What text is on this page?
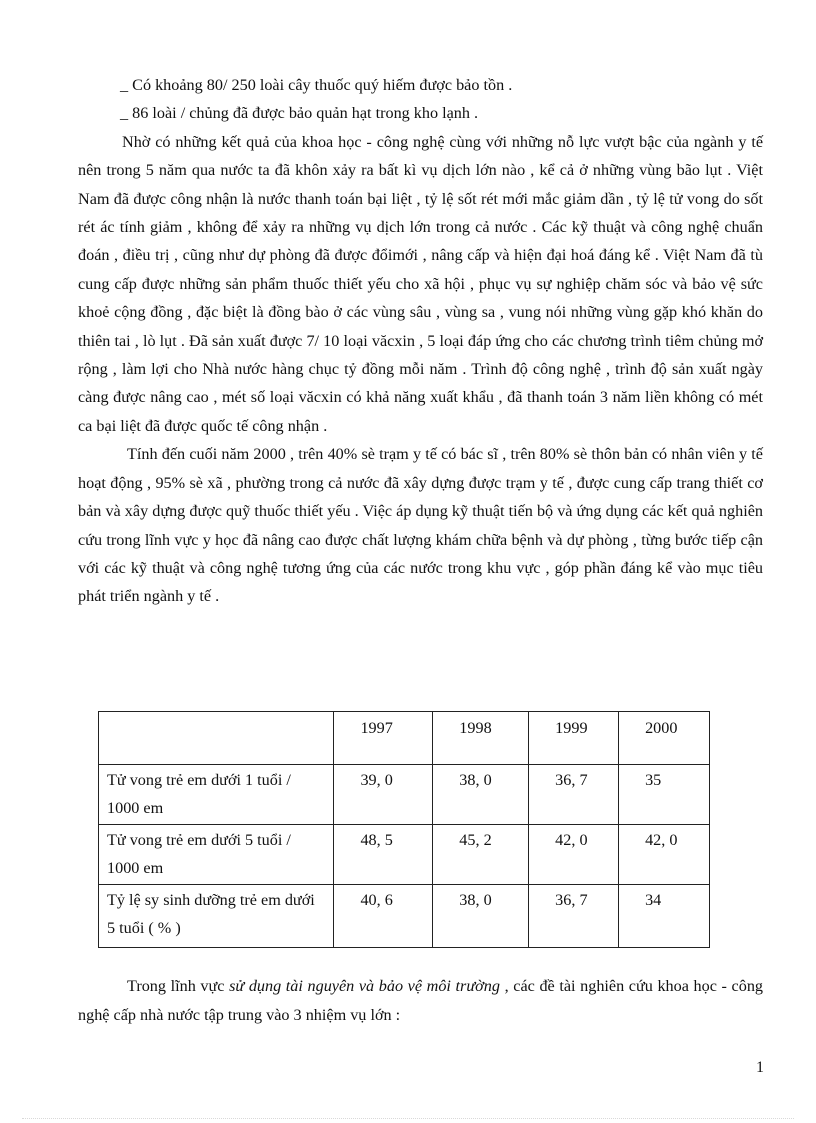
_ Có khoảng 80/ 250 loài cây thuốc quý hiếm được bảo tồn .

_ 86 loài / chủng đã được bảo quản hạt trong kho lạnh .

Nhờ có những kết quả của khoa học - công nghệ cùng với những nỗ lực vượt bậc của ngành y tế nên trong 5 năm qua nước ta đã khôn xảy ra bất kì vụ dịch lớn nào , kể cả ở những vùng bão lụt . Việt Nam đã được công nhận là nước thanh toán bại liệt , tỷ lệ sốt rét mới mắc giảm dần , tỷ lệ tử vong do sốt rét ác tính giảm , không để xảy ra những vụ dịch lớn trong cả nước . Các kỹ thuật và công nghệ chuẩn đoán , điều trị , cũng như dự phòng đã được đổimới , nâng cấp và hiện đại hoá đáng kể . Việt Nam đã tù cung cấp được những sản phẩm thuốc thiết yếu cho xã hội , phục vụ sự nghiệp chăm sóc và bảo vệ sức khoẻ cộng đồng , đặc biệt là đồng bào ở các vùng sâu , vùng sa , vung nói những vùng gặp khó khăn do thiên tai , lò lụt . Đã sản xuất được 7/ 10 loại văcxin , 5 loại đáp ứng cho các chương trình tiêm chủng mở rộng , làm lợi cho Nhà nước hàng chục tỷ đồng mỗi năm . Trình độ công nghệ , trình độ sản xuất ngày càng được nâng cao , mét số loại văcxin có khả năng xuất khẩu , đã thanh toán 3 năm liền không có mét ca bại liệt đã được quốc tế công nhận .

Tính đến cuối năm 2000 , trên 40% sè trạm y tế có bác sĩ , trên 80% sè thôn bản có nhân viên y tế hoạt động , 95% sè xã , phường trong cả nước đã xây dựng được trạm y tế , được cung cấp trang thiết cơ bản và xây dựng được quỹ thuốc thiết yếu . Việc áp dụng kỹ thuật tiến bộ và ứng dụng các kết quả nghiên cứu trong lĩnh vực y học đã nâng cao được chất lượng khám chữa bệnh và dự phòng , từng bước tiếp cận với các kỹ thuật và công nghệ tương ứng của các nước trong khu vực , góp phần đáng kể vào mục tiêu phát triển ngành y tế .

	1997	1998	1999	2000
Tử vong trẻ em dưới 1 tuổi / 1000 em	39, 0	38, 0	36, 7	35
Tử vong trẻ em dưới 5 tuổi / 1000 em	48, 5	45, 2	42, 0	42, 0
Tỷ lệ sy sinh dưỡng trẻ em dưới 5 tuổi ( % )	40, 6	38, 0	36, 7	34

Trong lĩnh vực sử dụng tài nguyên và bảo vệ môi trường , các đề tài nghiên cứu khoa học - công nghệ cấp nhà nước tập trung vào 3 nhiệm vụ lớn :

1
